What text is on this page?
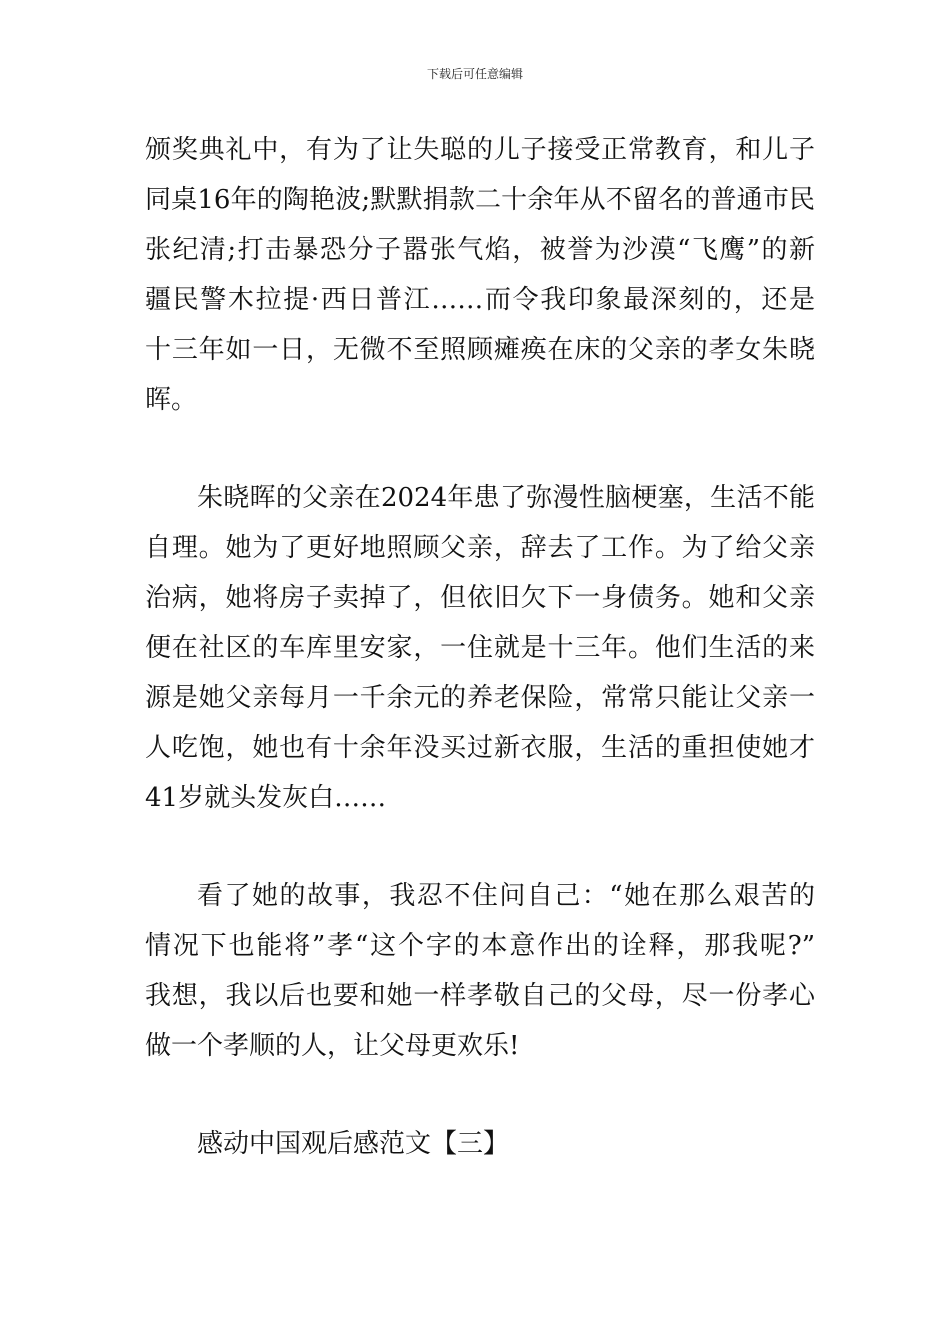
下载后可任意编辑
颁奖典礼中，有为了让失聪的儿子接受正常教育，和儿子
同桌16年的陶艳波;默默捐款二十余年从不留名的普通市民
张纪清;打击暴恐分子嚣张气焰，被誉为沙漠“飞鹰”的新
疆民警木拉提·西日普江……而令我印象最深刻的，还是
十三年如一日，无微不至照顾瘫痪在床的父亲的孝女朱晓
晖。
朱晓晖的父亲在2024年患了弥漫性脑梗塞，生活不能
自理。她为了更好地照顾父亲，辞去了工作。为了给父亲
治病，她将房子卖掉了，但依旧欠下一身债务。她和父亲
便在社区的车库里安家，一住就是十三年。他们生活的来
源是她父亲每月一千余元的养老保险，常常只能让父亲一
人吃饱，她也有十余年没买过新衣服，生活的重担使她才
41岁就头发灰白……
看了她的故事，我忍不住问自己：“她在那么艰苦的
情况下也能将”孝“这个字的本意作出的诠释，那我呢?”
我想，我以后也要和她一样孝敬自己的父母，尽一份孝心
做一个孝顺的人，让父母更欢乐!
感动中国观后感范文【三】
